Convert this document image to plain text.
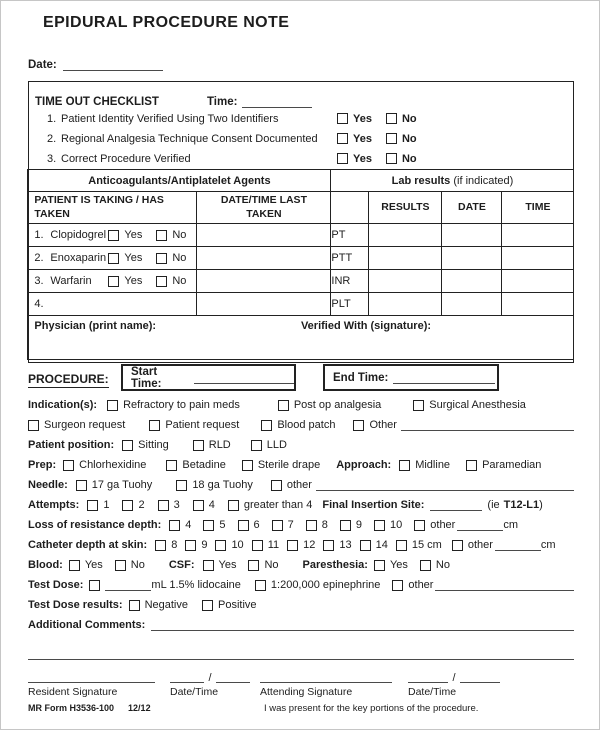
EPIDURAL PROCEDURE NOTE
Date:
TIME OUT CHECKLIST	Time:
1. Patient Identity Verified Using Two Identifiers	Yes	No
2. Regional Analgesia Technique Consent Documented	Yes	No
3. Correct Procedure Verified	Yes	No
Anticoagulants/Antiplatelet Agents		Lab results (if indicated)			
PATIENT IS TAKING / HAS TAKEN	DATE/TIME LAST TAKEN		RESULTS	DATE	TIME

1. Clopidogrel Yes No		PT			

2. Enoxaparin Yes No		PTT			

3. Warfarin Yes No		INR			

4.		PLT			

Physician (print name): Verified With (signature):					
PROCEDURE:
Start Time:	End Time:
Indication(s): Refractory to pain meds	Post op analgesia	Surgical Anesthesia
Surgeon request	Patient request	Blood patch	Other
Patient position: Sitting	RLD	LLD
Prep: Chlorhexidine	Betadine	Sterile drape Approach: Midline	Paramedian
Needle: 17 ga Tuohy	18 ga Tuohy	other
Attempts: 1	2	3	4	greater than 4 Final Insertion Site:	(ie T12-L1 )
Loss of resistance depth: 4	5	6	7	8	9	10	other	cm
Catheter depth at skin: 8 9 10 11 12 13 14 15 cm other	cm
Blood: Yes	No CSF: Yes	No Paresthesia: Yes	No
Test Dose:	mL 1.5% lidocaine	1:200,000 epinephrine	other
Test Dose results: Negative	Positive
Additional Comments:
Resident Signature
/
Date/Time	Attending Signature
/
Date/Time
MR Form H3536-100 12/12	I was present for the key portions of the procedure.
